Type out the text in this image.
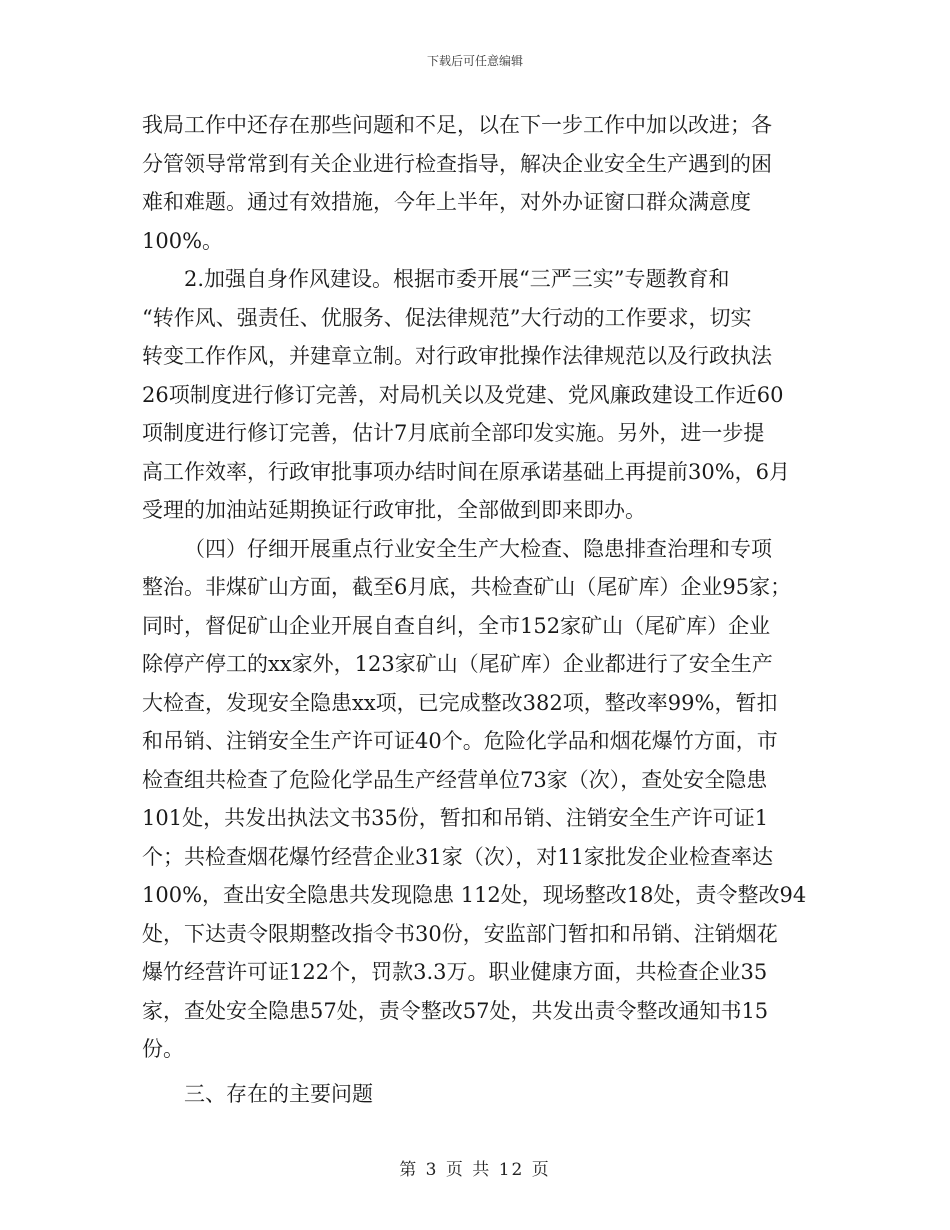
下载后可任意编辑
我局工作中还存在那些问题和不足，以在下一步工作中加以改进；各
分管领导常常到有关企业进行检查指导，解决企业安全生产遇到的困
难和难题。通过有效措施，今年上半年，对外办证窗口群众满意度
100%。
2.加强自身作风建设。根据市委开展“三严三实”专题教育和
“转作风、强责任、优服务、促法律规范”大行动的工作要求，切实
转变工作作风，并建章立制。对行政审批操作法律规范以及行政执法
26项制度进行修订完善，对局机关以及党建、党风廉政建设工作近60
项制度进行修订完善，估计7月底前全部印发实施。另外，进一步提
高工作效率，行政审批事项办结时间在原承诺基础上再提前30%，6月
受理的加油站延期换证行政审批，全部做到即来即办。
（四）仔细开展重点行业安全生产大检查、隐患排查治理和专项
整治。非煤矿山方面，截至6月底，共检查矿山（尾矿库）企业95家；
同时，督促矿山企业开展自查自纠，全市152家矿山（尾矿库）企业
除停产停工的xx家外，123家矿山（尾矿库）企业都进行了安全生产
大检查，发现安全隐患xx项，已完成整改382项，整改率99%，暂扣
和吊销、注销安全生产许可证40个。危险化学品和烟花爆竹方面，市
检查组共检查了危险化学品生产经营单位73家（次），查处安全隐患
101处，共发出执法文书35份，暂扣和吊销、注销安全生产许可证1
个；共检查烟花爆竹经营企业31家（次），对11家批发企业检查率达
100%，查出安全隐患共发现隐患 112处，现场整改18处，责令整改94
处，下达责令限期整改指令书30份，安监部门暂扣和吊销、注销烟花
爆竹经营许可证122个，罚款3.3万。职业健康方面，共检查企业35
家，查处安全隐患57处，责令整改57处，共发出责令整改通知书15
份。
三、存在的主要问题
第 3 页 共 12 页
